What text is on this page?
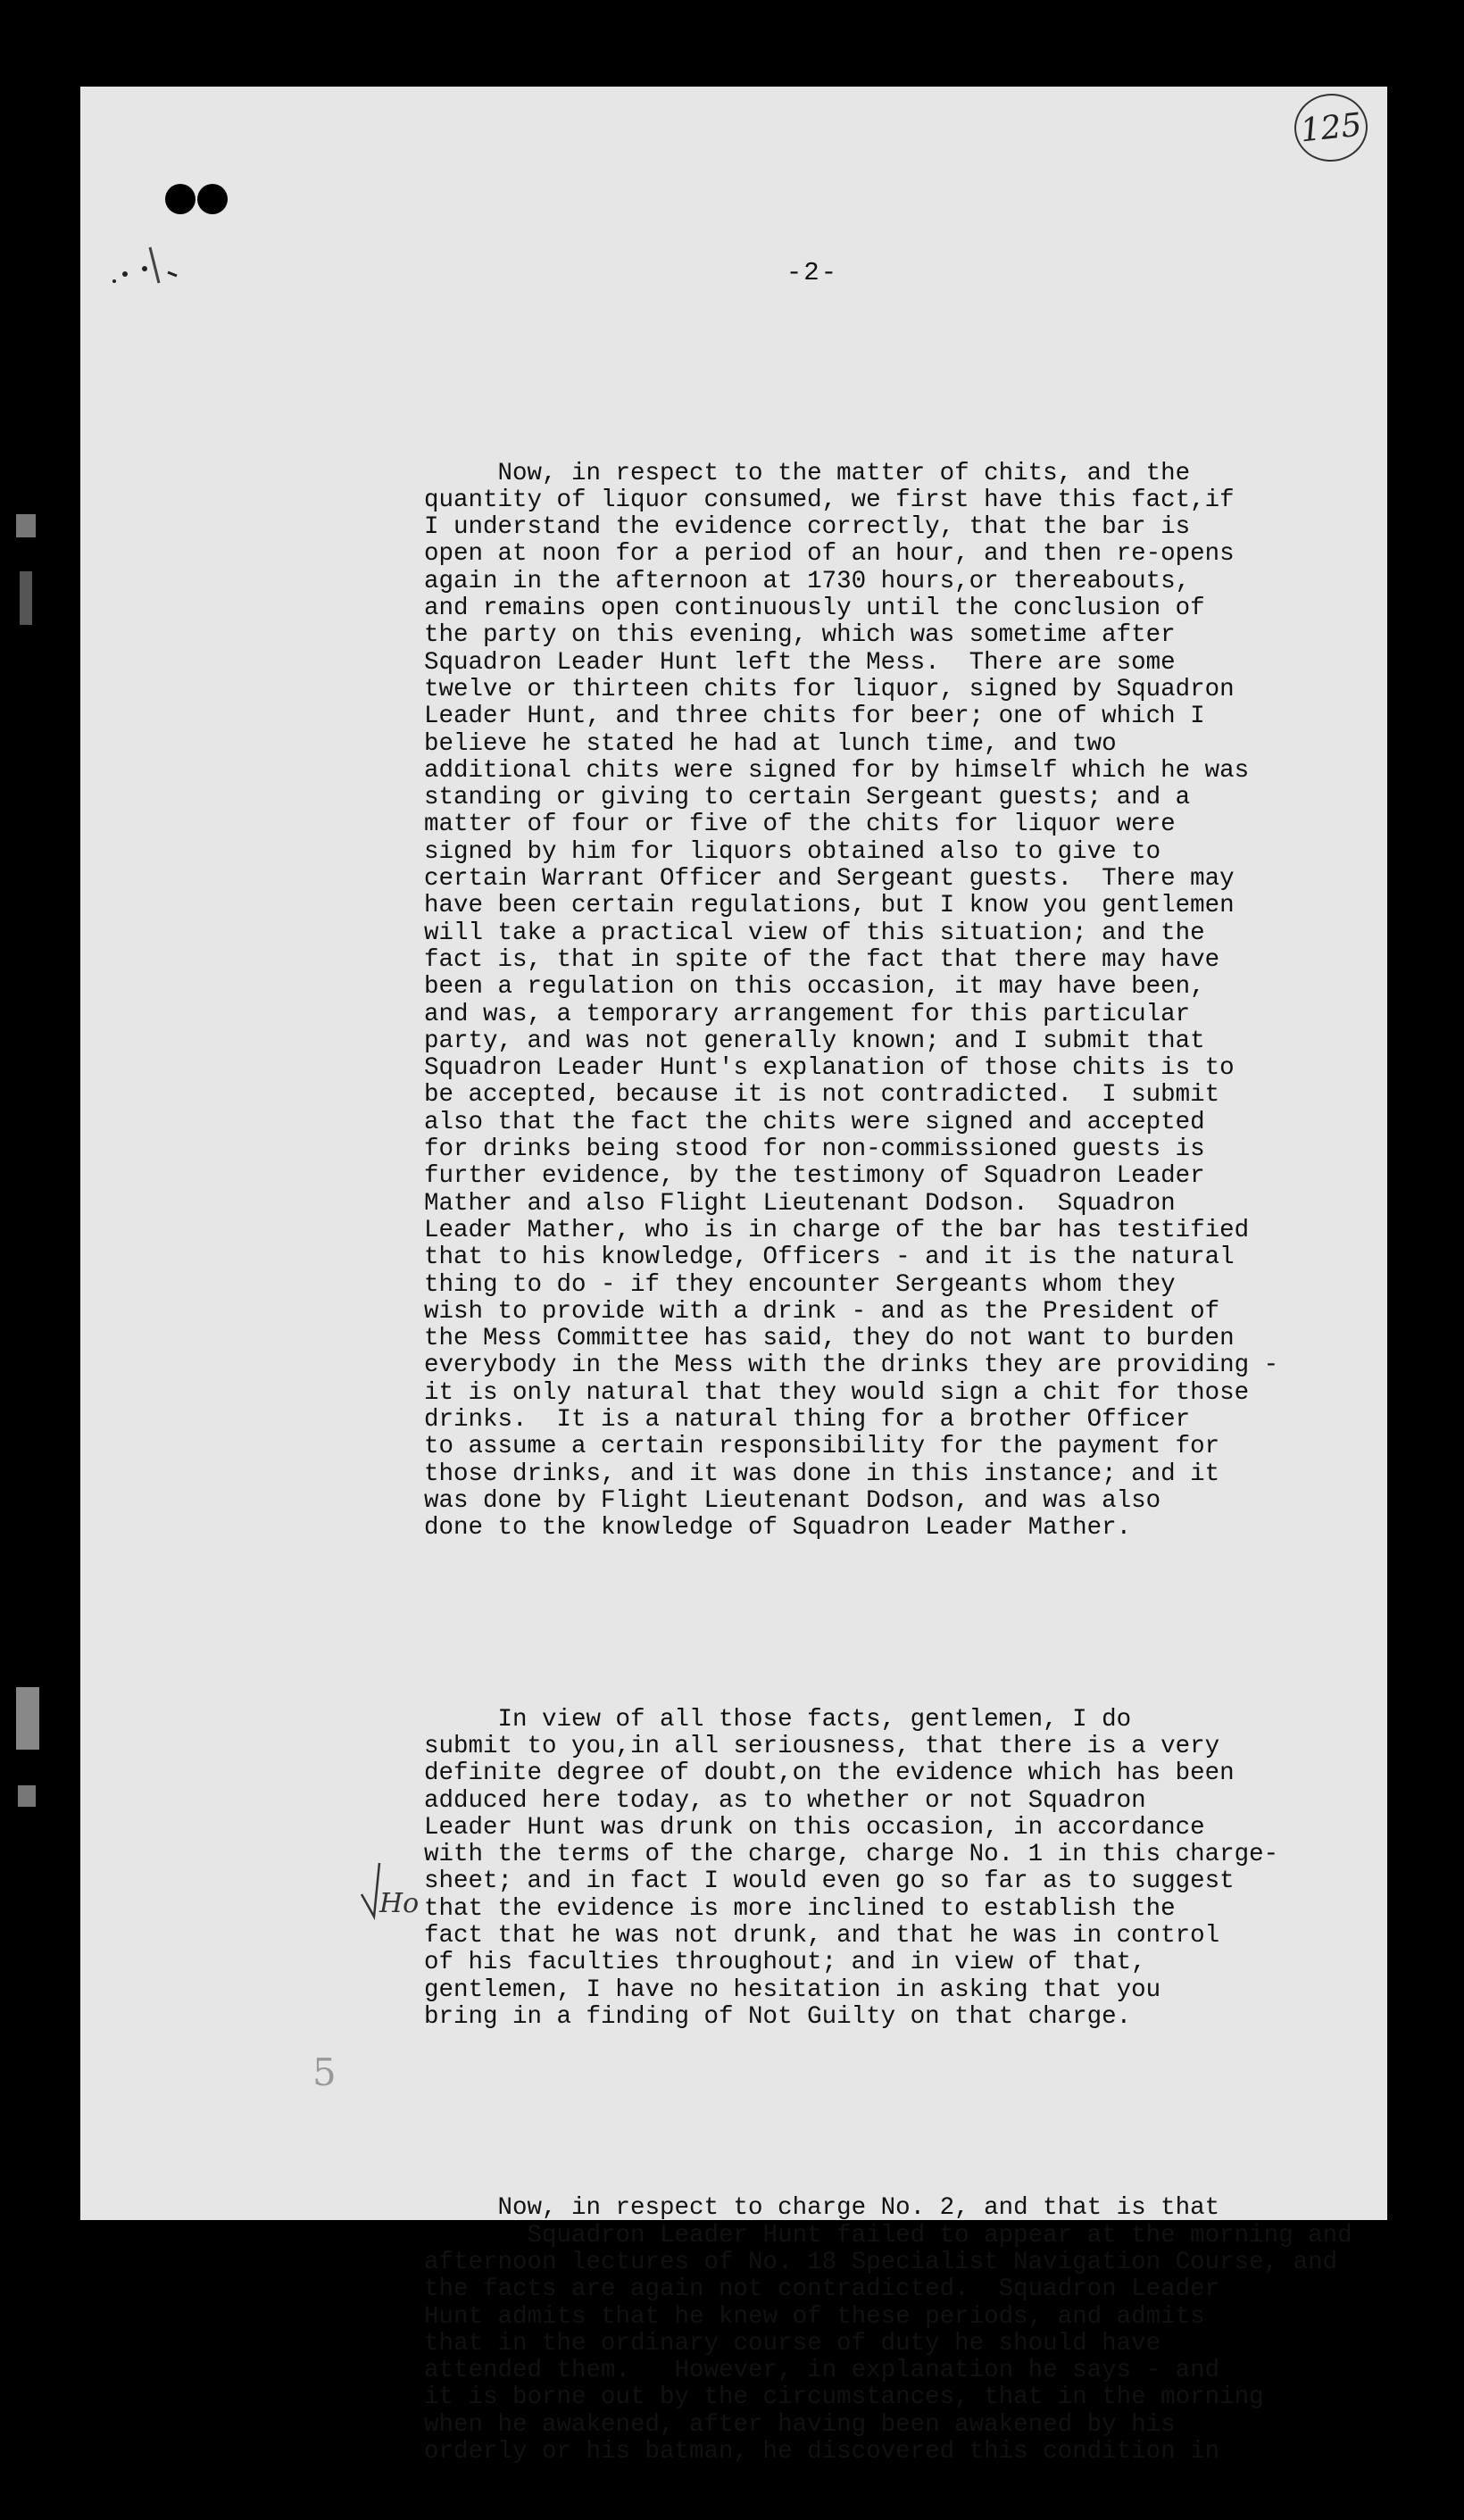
125
-2-

Now, in respect to the matter of chits, and the
quantity of liquor consumed, we first have this fact,if
I understand the evidence correctly, that the bar is
open at noon for a period of an hour, and then re-opens
again in the afternoon at 1730 hours,or thereabouts,
and remains open continuously until the conclusion of
the party on this evening, which was sometime after
Squadron Leader Hunt left the Mess.  There are some
twelve or thirteen chits for liquor, signed by Squadron
Leader Hunt, and three chits for beer; one of which I
believe he stated he had at lunch time, and two
additional chits were signed for by himself which he was
standing or giving to certain Sergeant guests; and a
matter of four or five of the chits for liquor were
signed by him for liquors obtained also to give to
certain Warrant Officer and Sergeant guests.  There may
have been certain regulations, but I know you gentlemen
will take a practical view of this situation; and the
fact is, that in spite of the fact that there may have
been a regulation on this occasion, it may have been,
and was, a temporary arrangement for this particular
party, and was not generally known; and I submit that
Squadron Leader Hunt's explanation of those chits is to
be accepted, because it is not contradicted.  I submit
also that the fact the chits were signed and accepted
for drinks being stood for non-commissioned guests is
further evidence, by the testimony of Squadron Leader
Mather and also Flight Lieutenant Dodson.  Squadron
Leader Mather, who is in charge of the bar has testified
that to his knowledge, Officers - and it is the natural
thing to do - if they encounter Sergeants whom they
wish to provide with a drink - and as the President of
the Mess Committee has said, they do not want to burden
everybody in the Mess with the drinks they are providing -
it is only natural that they would sign a chit for those
drinks.  It is a natural thing for a brother Officer
to assume a certain responsibility for the payment for
those drinks, and it was done in this instance; and it
was done by Flight Lieutenant Dodson, and was also
done to the knowledge of Squadron Leader Mather.

In view of all those facts, gentlemen, I do
submit to you,in all seriousness, that there is a very
definite degree of doubt,on the evidence which has been
adduced here today, as to whether or not Squadron
Leader Hunt was drunk on this occasion, in accordance
with the terms of the charge, charge No. 1 in this charge-
sheet; and in fact I would even go so far as to suggest
that the evidence is more inclined to establish the
fact that he was not drunk, and that he was in control
of his faculties throughout; and in view of that,
gentlemen, I have no hesitation in asking that you
bring in a finding of Not Guilty on that charge.

Now, in respect to charge No. 2, and that is that
Squadron Leader Hunt failed to appear at the morning and
afternoon lectures of No. 18 Specialist Navigation Course, and
the facts are again not contradicted.  Squadron Leader
Hunt admits that he knew of these periods, and admits
that in the ordinary course of duty he should have
attended them.   However, in explanation he says - and
it is borne out by the circumstances, that in the morning
when he awakened, after having been awakened by his
orderly or his batman, he discovered this condition in

Ho
5
